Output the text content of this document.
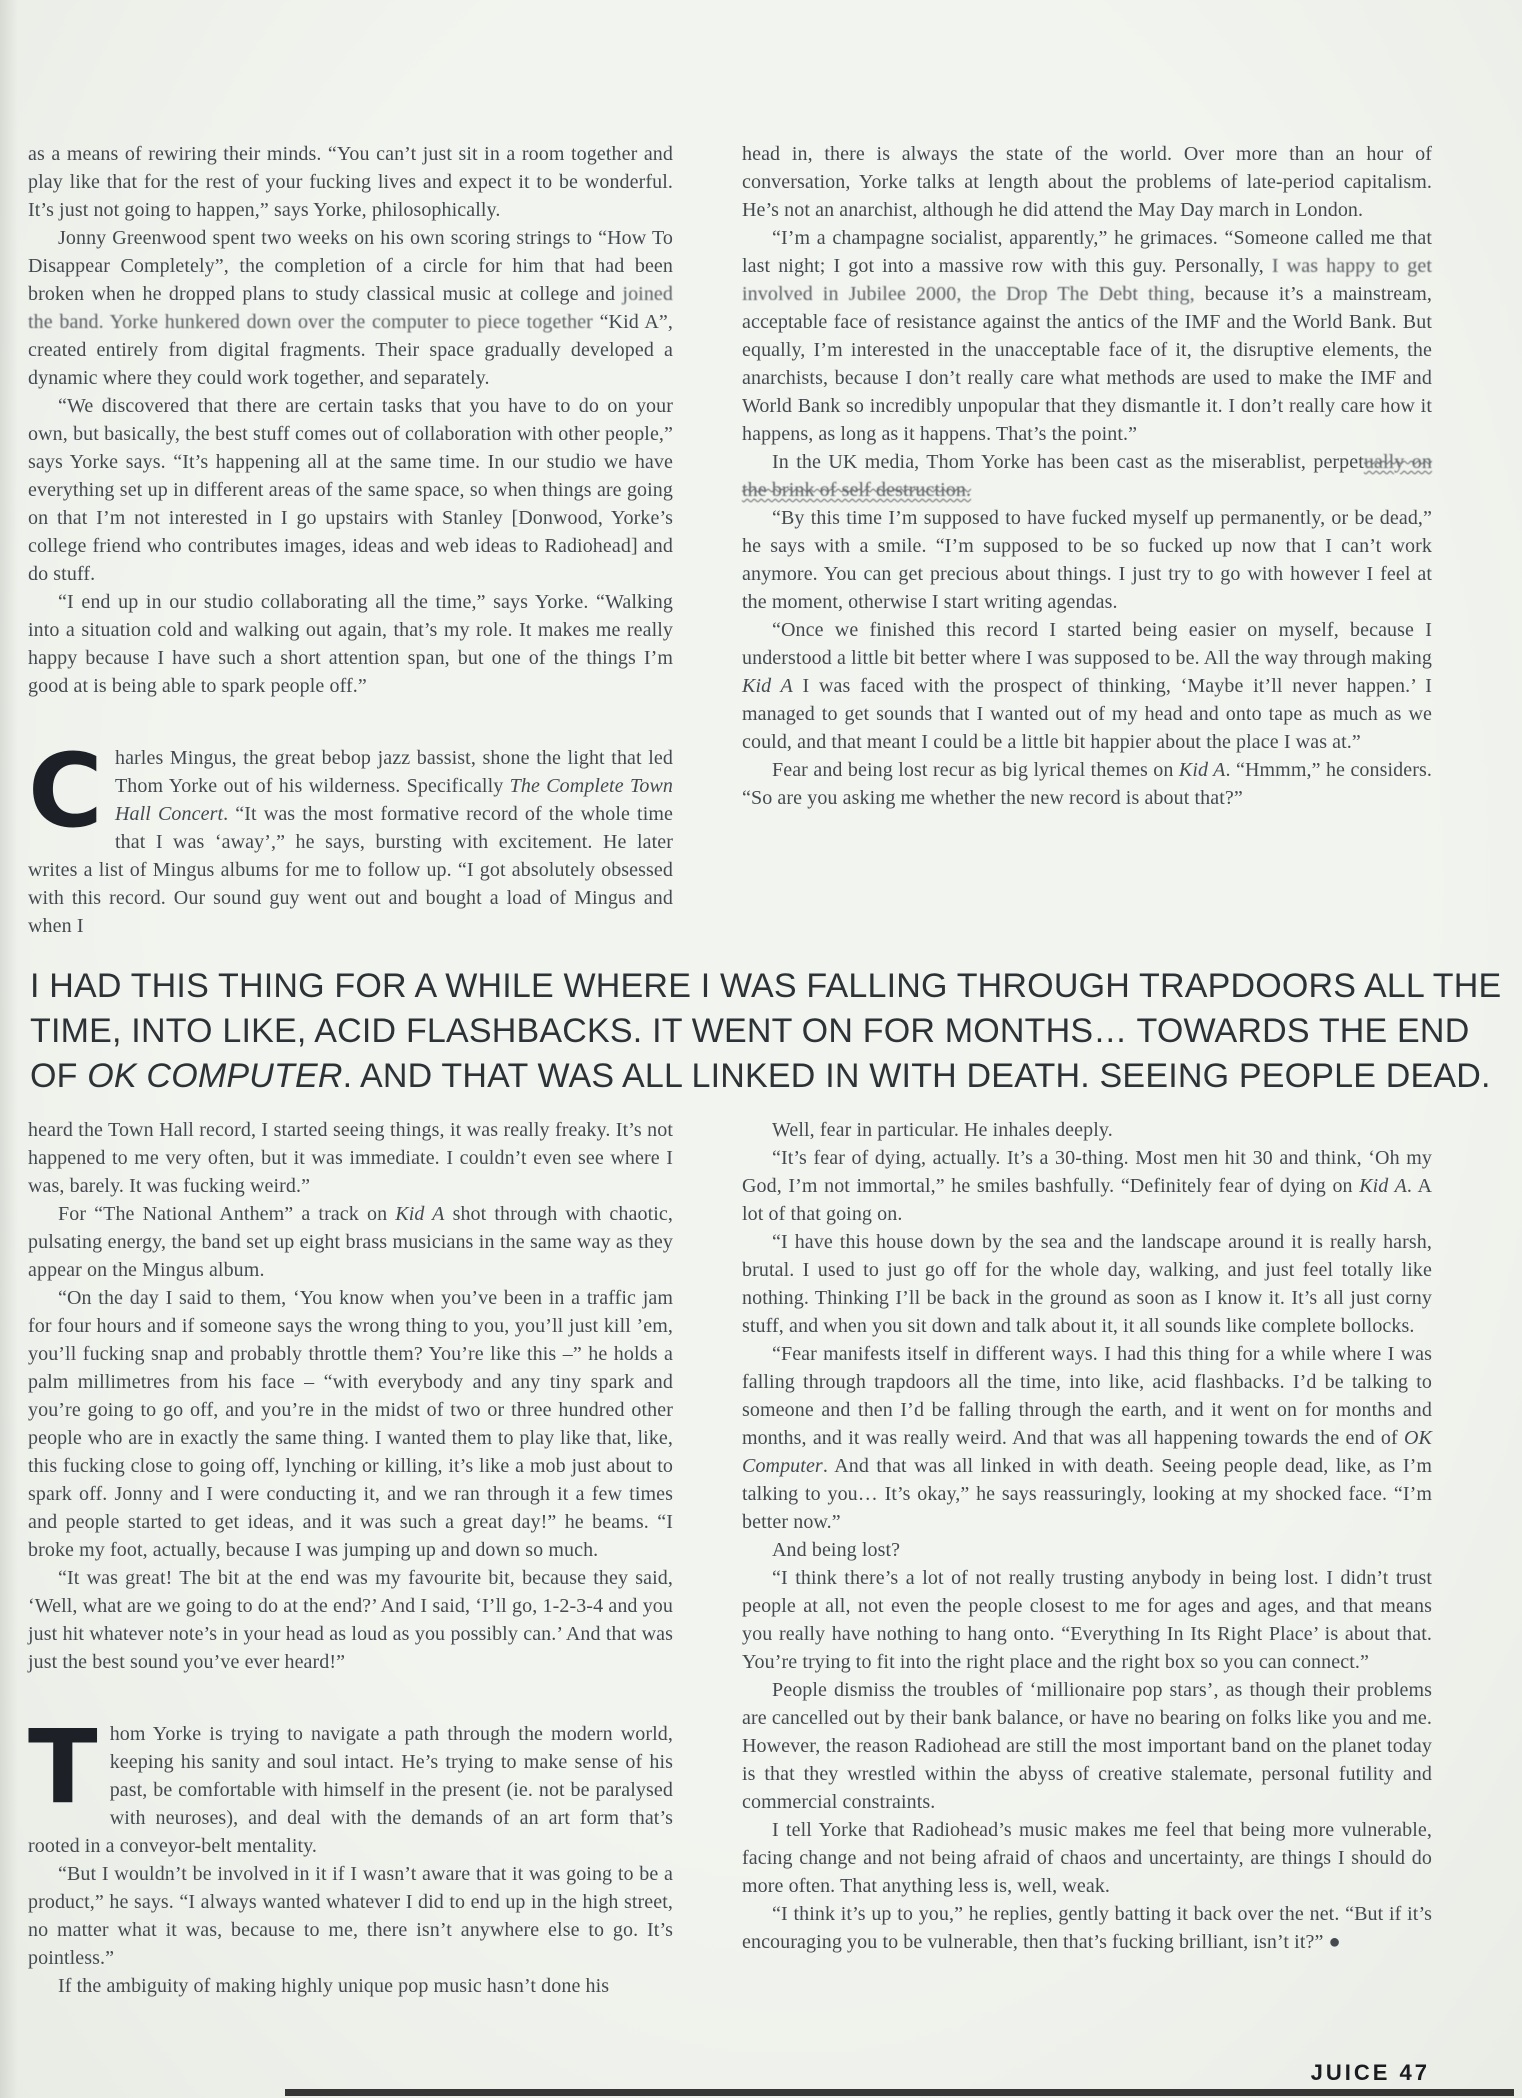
as a means of rewiring their minds. “You can’t just sit in a room together and play like that for the rest of your fucking lives and expect it to be wonderful. It’s just not going to happen,” says Yorke, philosophically.

Jonny Greenwood spent two weeks on his own scoring strings to “How To Disappear Completely”, the completion of a circle for him that had been broken when he dropped plans to study classical music at college and joined the band. Yorke hunkered down over the computer to piece together “Kid A”, created entirely from digital fragments. Their space gradually developed a dynamic where they could work together, and separately.

“We discovered that there are certain tasks that you have to do on your own, but basically, the best stuff comes out of collaboration with other people,” says Yorke says. “It’s happening all at the same time. In our studio we have everything set up in different areas of the same space, so when things are going on that I’m not interested in I go upstairs with Stanley [Donwood, Yorke’s college friend who contributes images, ideas and web ideas to Radiohead] and do stuff.

“I end up in our studio collaborating all the time,” says Yorke. “Walking into a situation cold and walking out again, that’s my role. It makes me really happy because I have such a short attention span, but one of the things I’m good at is being able to spark people off.”

Charles Mingus, the great bebop jazz bassist, shone the light that led Thom Yorke out of his wilderness. Specifically The Complete Town Hall Concert. “It was the most formative record of the whole time that I was ‘away’,” he says, bursting with excitement. He later writes a list of Mingus albums for me to follow up. “I got absolutely obsessed with this record. Our sound guy went out and bought a load of Mingus and when I

head in, there is always the state of the world. Over more than an hour of conversation, Yorke talks at length about the problems of late-period capitalism. He’s not an anarchist, although he did attend the May Day march in London.

“I’m a champagne socialist, apparently,” he grimaces. “Someone called me that last night; I got into a massive row with this guy. Personally, I was happy to get involved in Jubilee 2000, the Drop The Debt thing, because it’s a mainstream, acceptable face of resistance against the antics of the IMF and the World Bank. But equally, I’m interested in the unacceptable face of it, the disruptive elements, the anarchists, because I don’t really care what methods are used to make the IMF and World Bank so incredibly unpopular that they dismantle it. I don’t really care how it happens, as long as it happens. That’s the point.”

In the UK media, Thom Yorke has been cast as the miserablist, perpetually on the brink of self destruction.

“By this time I’m supposed to have fucked myself up permanently, or be dead,” he says with a smile. “I’m supposed to be so fucked up now that I can’t work anymore. You can get precious about things. I just try to go with however I feel at the moment, otherwise I start writing agendas.

“Once we finished this record I started being easier on myself, because I understood a little bit better where I was supposed to be. All the way through making Kid A I was faced with the prospect of thinking, ‘Maybe it’ll never happen.’ I managed to get sounds that I wanted out of my head and onto tape as much as we could, and that meant I could be a little bit happier about the place I was at.”

Fear and being lost recur as big lyrical themes on Kid A. “Hmmm,” he considers. “So are you asking me whether the new record is about that?”

I HAD THIS THING FOR A WHILE WHERE I WAS FALLING THROUGH TRAPDOORS ALL THE
TIME, INTO LIKE, ACID FLASHBACKS. IT WENT ON FOR MONTHS… TOWARDS THE END
OF OK COMPUTER. AND THAT WAS ALL LINKED IN WITH DEATH. SEEING PEOPLE DEAD.

heard the Town Hall record, I started seeing things, it was really freaky. It’s not happened to me very often, but it was immediate. I couldn’t even see where I was, barely. It was fucking weird.”

For “The National Anthem” a track on Kid A shot through with chaotic, pulsating energy, the band set up eight brass musicians in the same way as they appear on the Mingus album.

“On the day I said to them, ‘You know when you’ve been in a traffic jam for four hours and if someone says the wrong thing to you, you’ll just kill ’em, you’ll fucking snap and probably throttle them? You’re like this –” he holds a palm millimetres from his face – “with everybody and any tiny spark and you’re going to go off, and you’re in the midst of two or three hundred other people who are in exactly the same thing. I wanted them to play like that, like, this fucking close to going off, lynching or killing, it’s like a mob just about to spark off. Jonny and I were conducting it, and we ran through it a few times and people started to get ideas, and it was such a great day!” he beams. “I broke my foot, actually, because I was jumping up and down so much.

“It was great! The bit at the end was my favourite bit, because they said, ‘Well, what are we going to do at the end?’ And I said, ‘I’ll go, 1-2-3-4 and you just hit whatever note’s in your head as loud as you possibly can.’ And that was just the best sound you’ve ever heard!”

Thom Yorke is trying to navigate a path through the modern world, keeping his sanity and soul intact. He’s trying to make sense of his past, be comfortable with himself in the present (ie. not be paralysed with neuroses), and deal with the demands of an art form that’s rooted in a conveyor-belt mentality.

“But I wouldn’t be involved in it if I wasn’t aware that it was going to be a product,” he says. “I always wanted whatever I did to end up in the high street, no matter what it was, because to me, there isn’t anywhere else to go. It’s pointless.”

If the ambiguity of making highly unique pop music hasn’t done his

Well, fear in particular. He inhales deeply.

“It’s fear of dying, actually. It’s a 30-thing. Most men hit 30 and think, ‘Oh my God, I’m not immortal,” he smiles bashfully. “Definitely fear of dying on Kid A. A lot of that going on.

“I have this house down by the sea and the landscape around it is really harsh, brutal. I used to just go off for the whole day, walking, and just feel totally like nothing. Thinking I’ll be back in the ground as soon as I know it. It’s all just corny stuff, and when you sit down and talk about it, it all sounds like complete bollocks.

“Fear manifests itself in different ways. I had this thing for a while where I was falling through trapdoors all the time, into like, acid flashbacks. I’d be talking to someone and then I’d be falling through the earth, and it went on for months and months, and it was really weird. And that was all happening towards the end of OK Computer. And that was all linked in with death. Seeing people dead, like, as I’m talking to you… It’s okay,” he says reassuringly, looking at my shocked face. “I’m better now.”

And being lost?

“I think there’s a lot of not really trusting anybody in being lost. I didn’t trust people at all, not even the people closest to me for ages and ages, and that means you really have nothing to hang onto. “Everything In Its Right Place’ is about that. You’re trying to fit into the right place and the right box so you can connect.”

People dismiss the troubles of ‘millionaire pop stars’, as though their problems are cancelled out by their bank balance, or have no bearing on folks like you and me. However, the reason Radiohead are still the most important band on the planet today is that they wrestled within the abyss of creative stalemate, personal futility and commercial constraints.

I tell Yorke that Radiohead’s music makes me feel that being more vulnerable, facing change and not being afraid of chaos and uncertainty, are things I should do more often. That anything less is, well, weak.

“I think it’s up to you,” he replies, gently batting it back over the net. “But if it’s encouraging you to be vulnerable, then that’s fucking brilliant, isn’t it?” ●

JUICE 47
